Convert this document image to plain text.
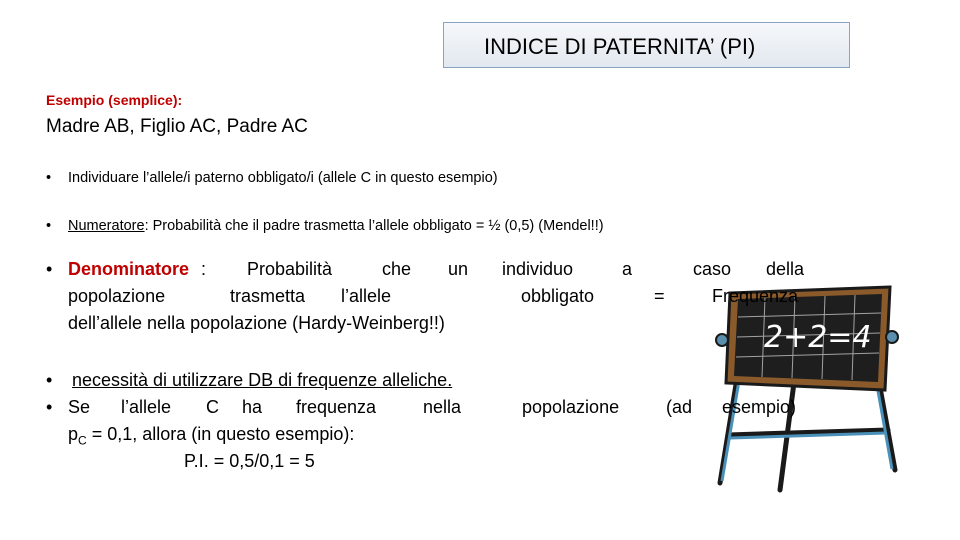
INDICE DI PATERNITA’ (PI)
Esempio (semplice):
Madre AB, Figlio AC, Padre AC
• Individuare l’allele/i paterno obbligato/i (allele C in questo esempio)
• Numeratore: Probabilità che il padre trasmetta l’allele obbligato = ½ (0,5) (Mendel!!)
2+2=4
• Denominatore : Probabilità	che un individuo	a	caso della
popolazione	trasmetta l’allele	obbligato	=	Frequenza
dell’allele nella popolazione (Hardy-Weinberg!!)
• necessità di utilizzare DB di frequenze alleliche.
• Se l’allele C ha frequenza	nella	popolazione	(ad esempio)
$p_C = 0,1$, allora (in questo esempio):
P.I. = 0,5/0,1 = 5
